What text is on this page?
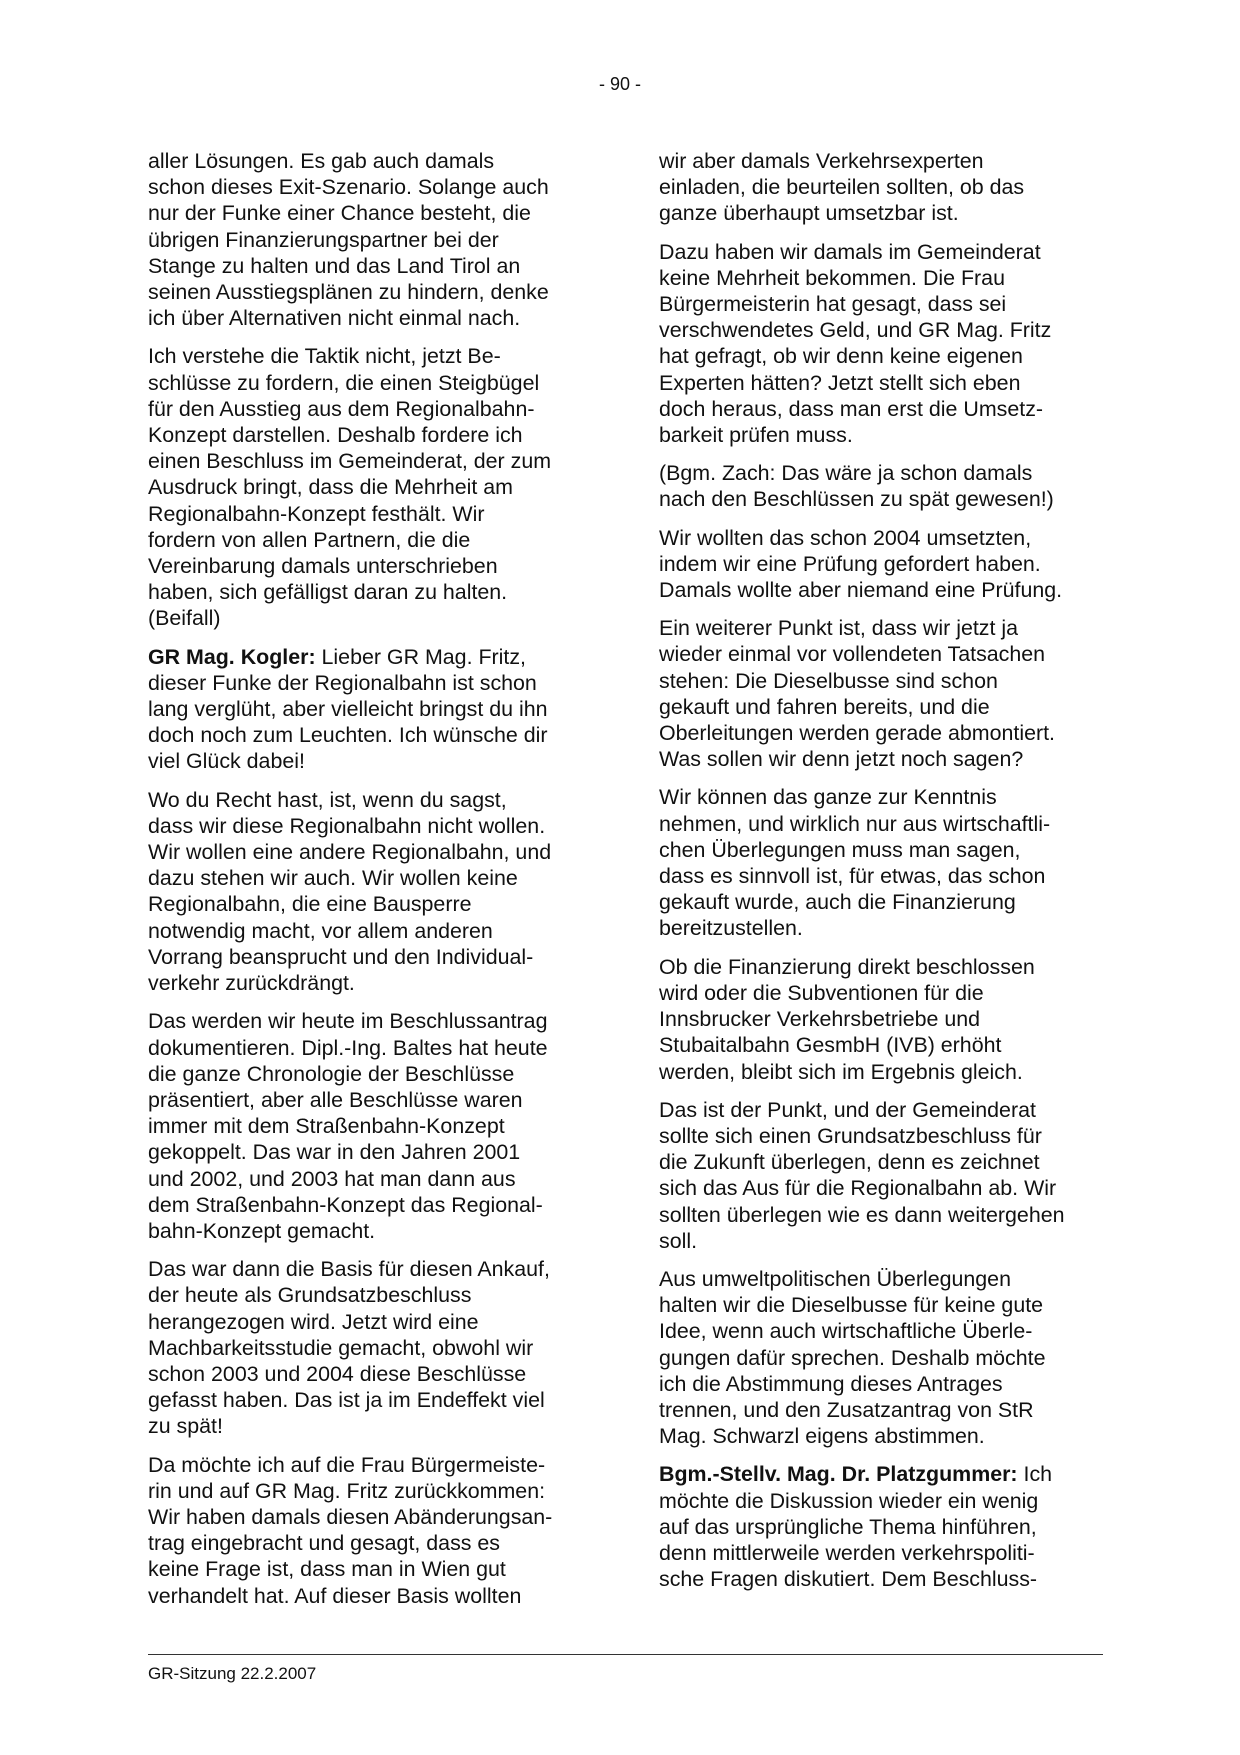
- 90 -

aller Lösungen. Es gab auch damals
schon dieses Exit-Szenario. Solange auch
nur der Funke einer Chance besteht, die
übrigen Finanzierungspartner bei der
Stange zu halten und das Land Tirol an
seinen Ausstiegsplänen zu hindern, denke
ich über Alternativen nicht einmal nach.

Ich verstehe die Taktik nicht, jetzt Be-
schlüsse zu fordern, die einen Steigbügel
für den Ausstieg aus dem Regionalbahn-
Konzept darstellen. Deshalb fordere ich
einen Beschluss im Gemeinderat, der zum
Ausdruck bringt, dass die Mehrheit am
Regionalbahn-Konzept festhält. Wir
fordern von allen Partnern, die die
Vereinbarung damals unterschrieben
haben, sich gefälligst daran zu halten.
(Beifall)

GR Mag. Kogler: Lieber GR Mag. Fritz,
dieser Funke der Regionalbahn ist schon
lang verglüht, aber vielleicht bringst du ihn
doch noch zum Leuchten. Ich wünsche dir
viel Glück dabei!

Wo du Recht hast, ist, wenn du sagst,
dass wir diese Regionalbahn nicht wollen.
Wir wollen eine andere Regionalbahn, und
dazu stehen wir auch. Wir wollen keine
Regionalbahn, die eine Bausperre
notwendig macht, vor allem anderen
Vorrang beansprucht und den Individual-
verkehr zurückdrängt.

Das werden wir heute im Beschlussantrag
dokumentieren. Dipl.-Ing. Baltes hat heute
die ganze Chronologie der Beschlüsse
präsentiert, aber alle Beschlüsse waren
immer mit dem Straßenbahn-Konzept
gekoppelt. Das war in den Jahren 2001
und 2002, und 2003 hat man dann aus
dem Straßenbahn-Konzept das Regional-
bahn-Konzept gemacht.

Das war dann die Basis für diesen Ankauf,
der heute als Grundsatzbeschluss
herangezogen wird. Jetzt wird eine
Machbarkeitsstudie gemacht, obwohl wir
schon 2003 und 2004 diese Beschlüsse
gefasst haben. Das ist ja im Endeffekt viel
zu spät!

Da möchte ich auf die Frau Bürgermeiste-
rin und auf GR Mag. Fritz zurückkommen:
Wir haben damals diesen Abänderungsan-
trag eingebracht und gesagt, dass es
keine Frage ist, dass man in Wien gut
verhandelt hat. Auf dieser Basis wollten

wir aber damals Verkehrsexperten
einladen, die beurteilen sollten, ob das
ganze überhaupt umsetzbar ist.

Dazu haben wir damals im Gemeinderat
keine Mehrheit bekommen. Die Frau
Bürgermeisterin hat gesagt, dass sei
verschwendetes Geld, und GR Mag. Fritz
hat gefragt, ob wir denn keine eigenen
Experten hätten? Jetzt stellt sich eben
doch heraus, dass man erst die Umsetz-
barkeit prüfen muss.

(Bgm. Zach: Das wäre ja schon damals
nach den Beschlüssen zu spät gewesen!)

Wir wollten das schon 2004 umsetzten,
indem wir eine Prüfung gefordert haben.
Damals wollte aber niemand eine Prüfung.

Ein weiterer Punkt ist, dass wir jetzt ja
wieder einmal vor vollendeten Tatsachen
stehen: Die Dieselbusse sind schon
gekauft und fahren bereits, und die
Oberleitungen werden gerade abmontiert.
Was sollen wir denn jetzt noch sagen?

Wir können das ganze zur Kenntnis
nehmen, und wirklich nur aus wirtschaftli-
chen Überlegungen muss man sagen,
dass es sinnvoll ist, für etwas, das schon
gekauft wurde, auch die Finanzierung
bereitzustellen.

Ob die Finanzierung direkt beschlossen
wird oder die Subventionen für die
Innsbrucker Verkehrsbetriebe und
Stubaitalbahn GesmbH (IVB) erhöht
werden, bleibt sich im Ergebnis gleich.

Das ist der Punkt, und der Gemeinderat
sollte sich einen Grundsatzbeschluss für
die Zukunft überlegen, denn es zeichnet
sich das Aus für die Regionalbahn ab. Wir
sollten überlegen wie es dann weitergehen
soll.

Aus umweltpolitischen Überlegungen
halten wir die Dieselbusse für keine gute
Idee, wenn auch wirtschaftliche Überle-
gungen dafür sprechen. Deshalb möchte
ich die Abstimmung dieses Antrages
trennen, und den Zusatzantrag von StR
Mag. Schwarzl eigens abstimmen.

Bgm.-Stellv. Mag. Dr. Platzgummer: Ich
möchte die Diskussion wieder ein wenig
auf das ursprüngliche Thema hinführen,
denn mittlerweile werden verkehrspoliti-
sche Fragen diskutiert. Dem Beschluss-

GR-Sitzung 22.2.2007
